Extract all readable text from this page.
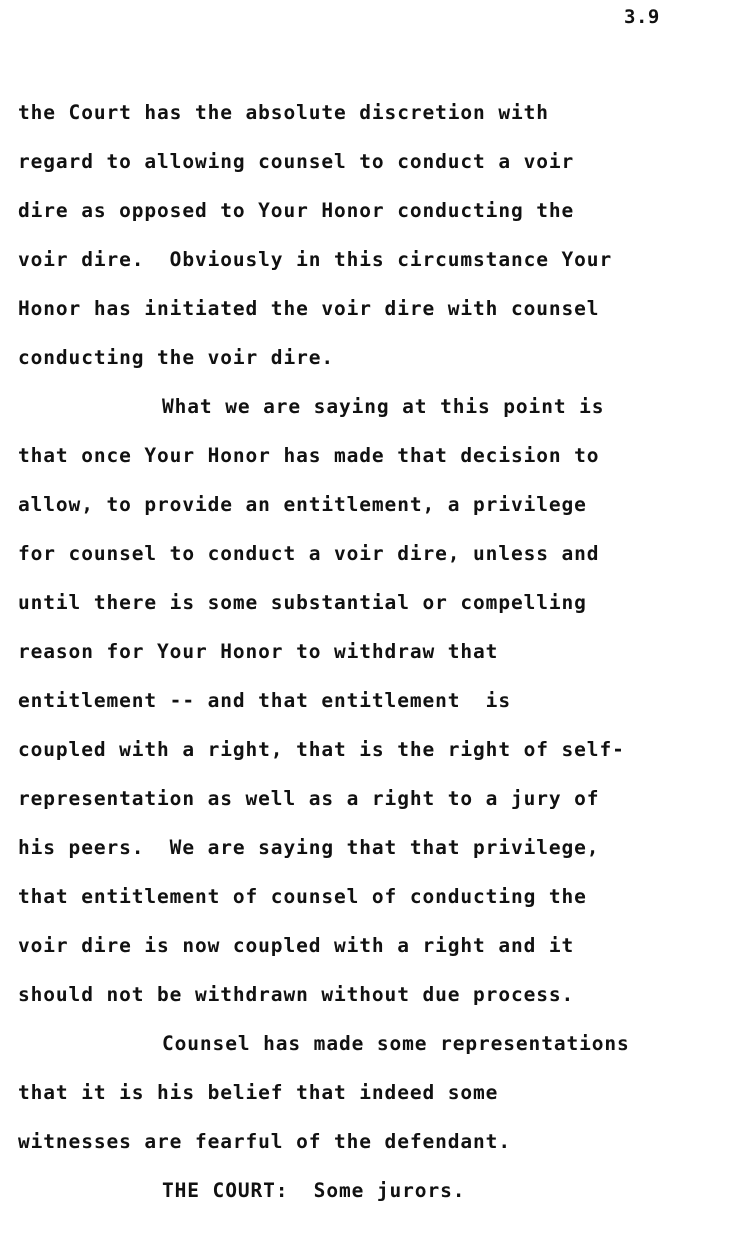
3.9
the Court has the absolute discretion with
regard to allowing counsel to conduct a voir
dire as opposed to Your Honor conducting the
voir dire.  Obviously in this circumstance Your
Honor has initiated the voir dire with counsel
conducting the voir dire.
What we are saying at this point is
that once Your Honor has made that decision to
allow, to provide an entitlement, a privilege
for counsel to conduct a voir dire, unless and
until there is some substantial or compelling
reason for Your Honor to withdraw that
entitlement -- and that entitlement  is
coupled with a right, that is the right of self-
representation as well as a right to a jury of
his peers.  We are saying that that privilege,
that entitlement of counsel of conducting the
voir dire is now coupled with a right and it
should not be withdrawn without due process.
Counsel has made some representations
that it is his belief that indeed some
witnesses are fearful of the defendant.
THE COURT:  Some jurors.
